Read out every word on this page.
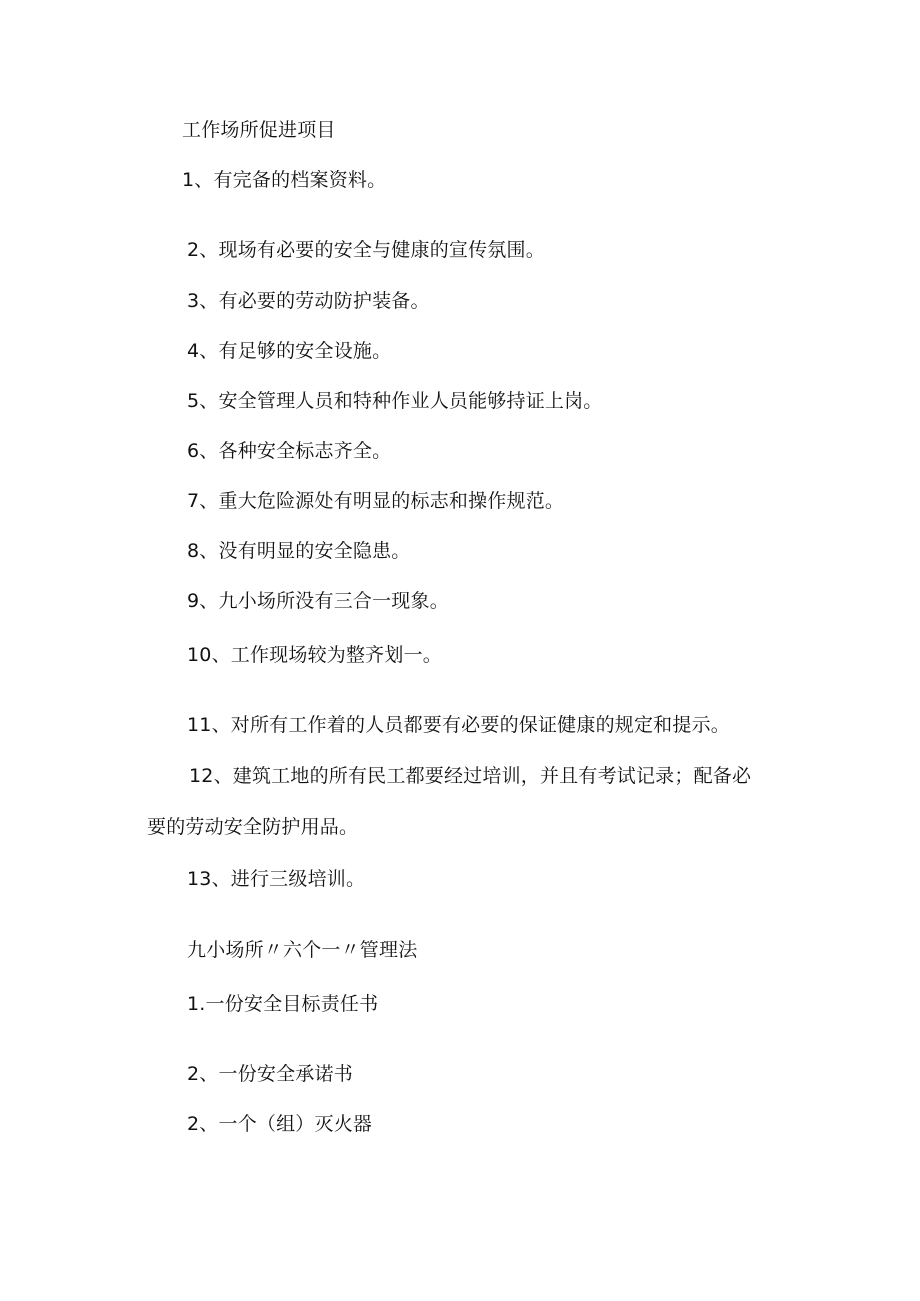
工作场所促进项目
1、有完备的档案资料。
2、现场有必要的安全与健康的宣传氛围。
3、有必要的劳动防护装备。
4、有足够的安全设施。
5、安全管理人员和特种作业人员能够持证上岗。
6、各种安全标志齐全。
7、重大危险源处有明显的标志和操作规范。
8、没有明显的安全隐患。
9、九小场所没有三合一现象。
10、工作现场较为整齐划一。
11、对所有工作着的人员都要有必要的保证健康的规定和提示。
12、建筑工地的所有民工都要经过培训，并且有考试记录；配备必
要的劳动安全防护用品。
13、进行三级培训。
九小场所〃六个一〃管理法
1.一份安全目标责任书
2、一份安全承诺书
2、一个（组）灭火器
